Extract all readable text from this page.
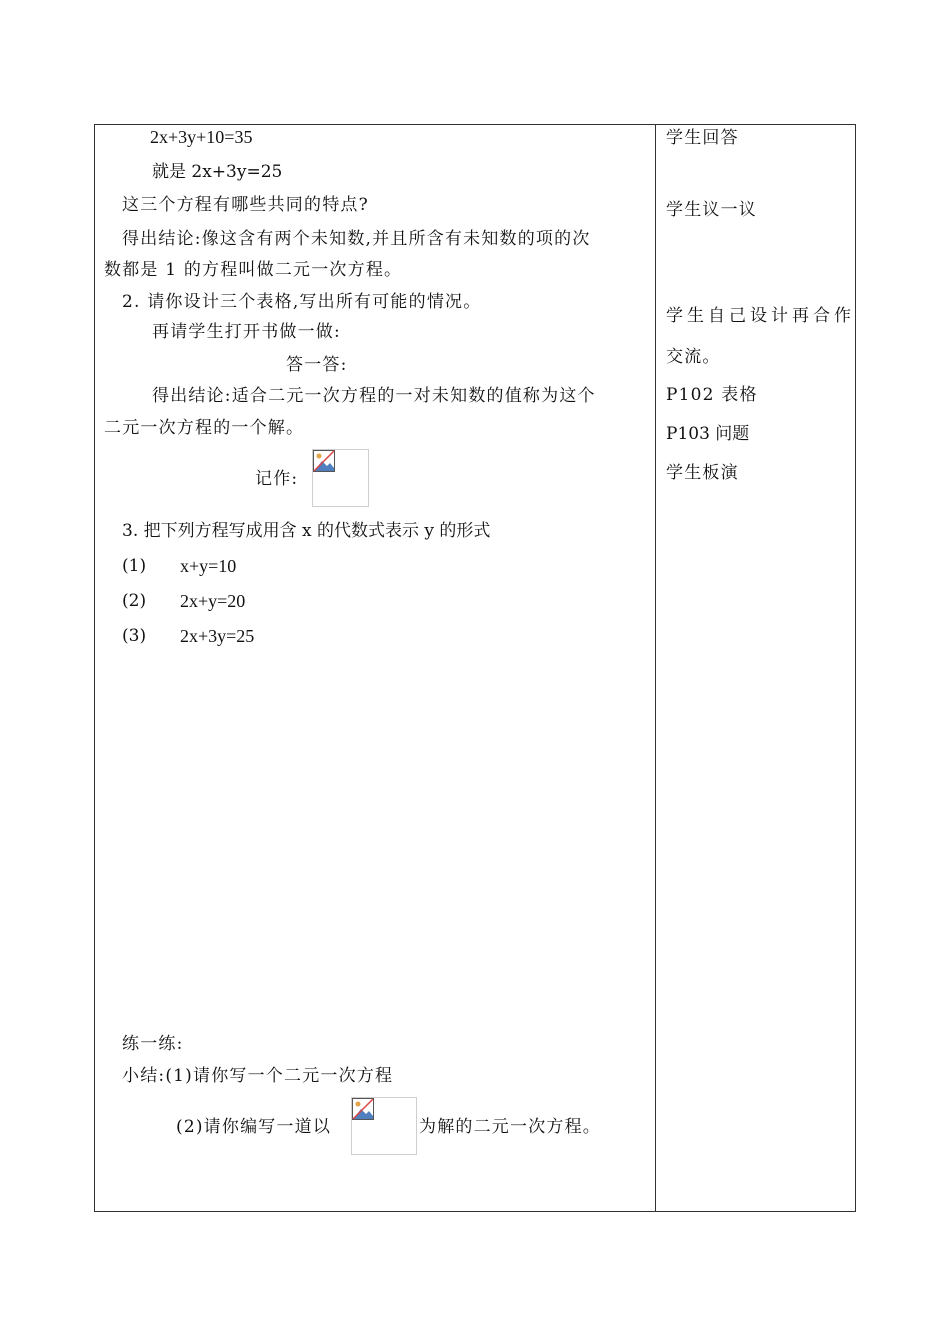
2x+3y+10=35
就是 2x+3y=25
这三个方程有哪些共同的特点?
得出结论:像这含有两个未知数,并且所含有未知数的项的次
数都是 1 的方程叫做二元一次方程。
2. 请你设计三个表格,写出所有可能的情况。
再请学生打开书做一做:
答一答:
得出结论:适合二元一次方程的一对未知数的值称为这个
二元一次方程的一个解。
记作:
3. 把下列方程写成用含 x 的代数式表示 y 的形式
(1) x+y=10
(2) 2x+y=20
(3) 2x+3y=25
练一练:
小结:(1)请你写一个二元一次方程
(2)请你编写一道以	为解的二元一次方程。
学生回答
学生议一议
学生自己设计再合作
交流。
P102 表格
P103 问题
学生板演
